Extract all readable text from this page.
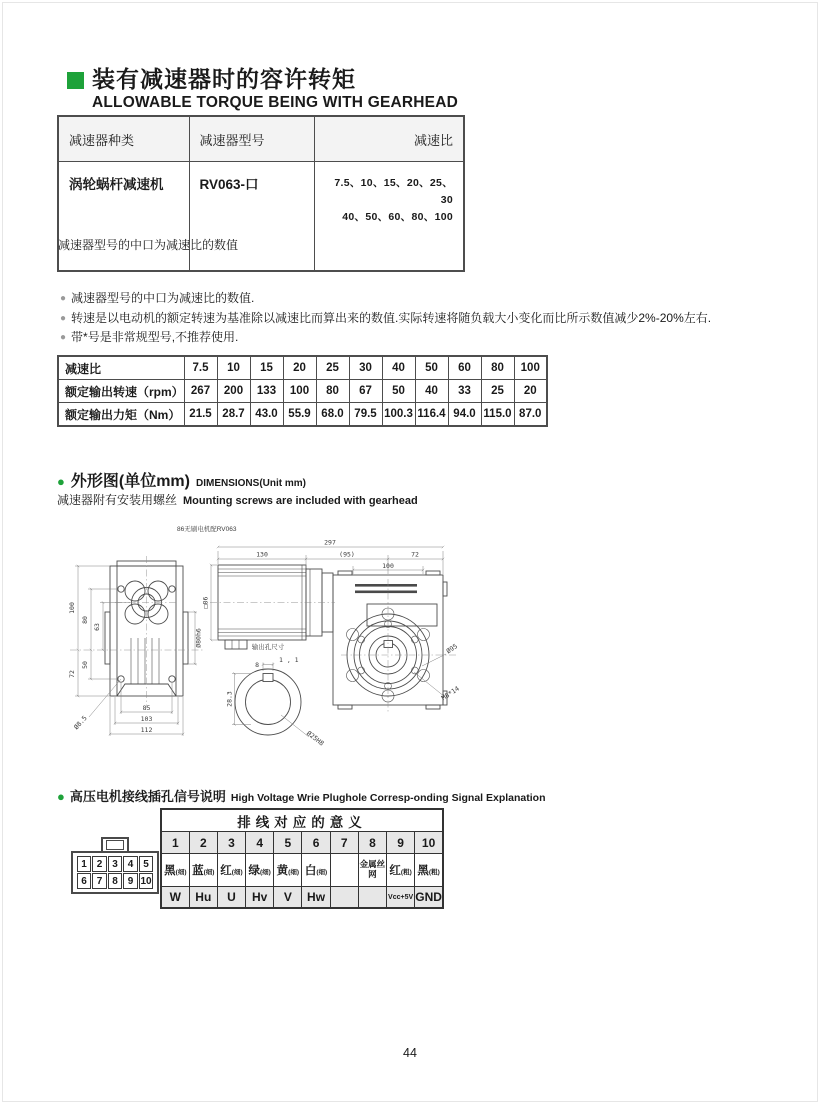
装有减速器时的容许转矩
ALLOWABLE TORQUE BEING WITH GEARHEAD
减速器种类	减速器型号	减速比
涡轮蜗杆减速机	RV063-口	7.5、10、15、20、25、30
40、50、60、80、100
减速器型号的中口为减速比的数值
● 减速器型号的中口为减速比的数值.
● 转速是以电动机的额定转速为基准除以减速比而算出来的数值.实际转速将随负载大小变化而比所示数值减少2%-20%左右.
● 带*号是非常规型号,不推荐使用.
减速比	7.5	10	15	20	25	30	40	50	60	80	100
额定输出转速（rpm）	267	200	133	100	80	67	50	40	33	25	20
额定输出力矩（Nm）	21.5	28.7	43.0	55.9	68.0	79.5	100.3	116.4	94.0	115.0	87.0
● 外形图(单位mm) DIMENSIONS(Unit mm)
减速器附有安装用螺丝 Mounting screws are included with gearhead
86无刷电机配RV063
100
72
80
50
63
Ø80h6
85
103
112
Ø8.5
297
130	(95)	72
100
□86
Ø95
M8*14
输出孔尺寸
8
1 , 1
28.3
Ø25H8
● 高压电机接线插孔信号说明 High Voltage Wrie Plughole Corresp-onding Signal Explanation
1 2 3 4 5
6 7 8 9 10
排线对应的意义									
1	2	3	4	5	6	7	8	9	10
黑(细)	蓝(细)	红(细)	绿(细)	黄(细)	白(细)		金属丝网	红(粗)	黑(粗)
W	Hu	U	Hv	V	Hw			Vcc+5V	GND
44
